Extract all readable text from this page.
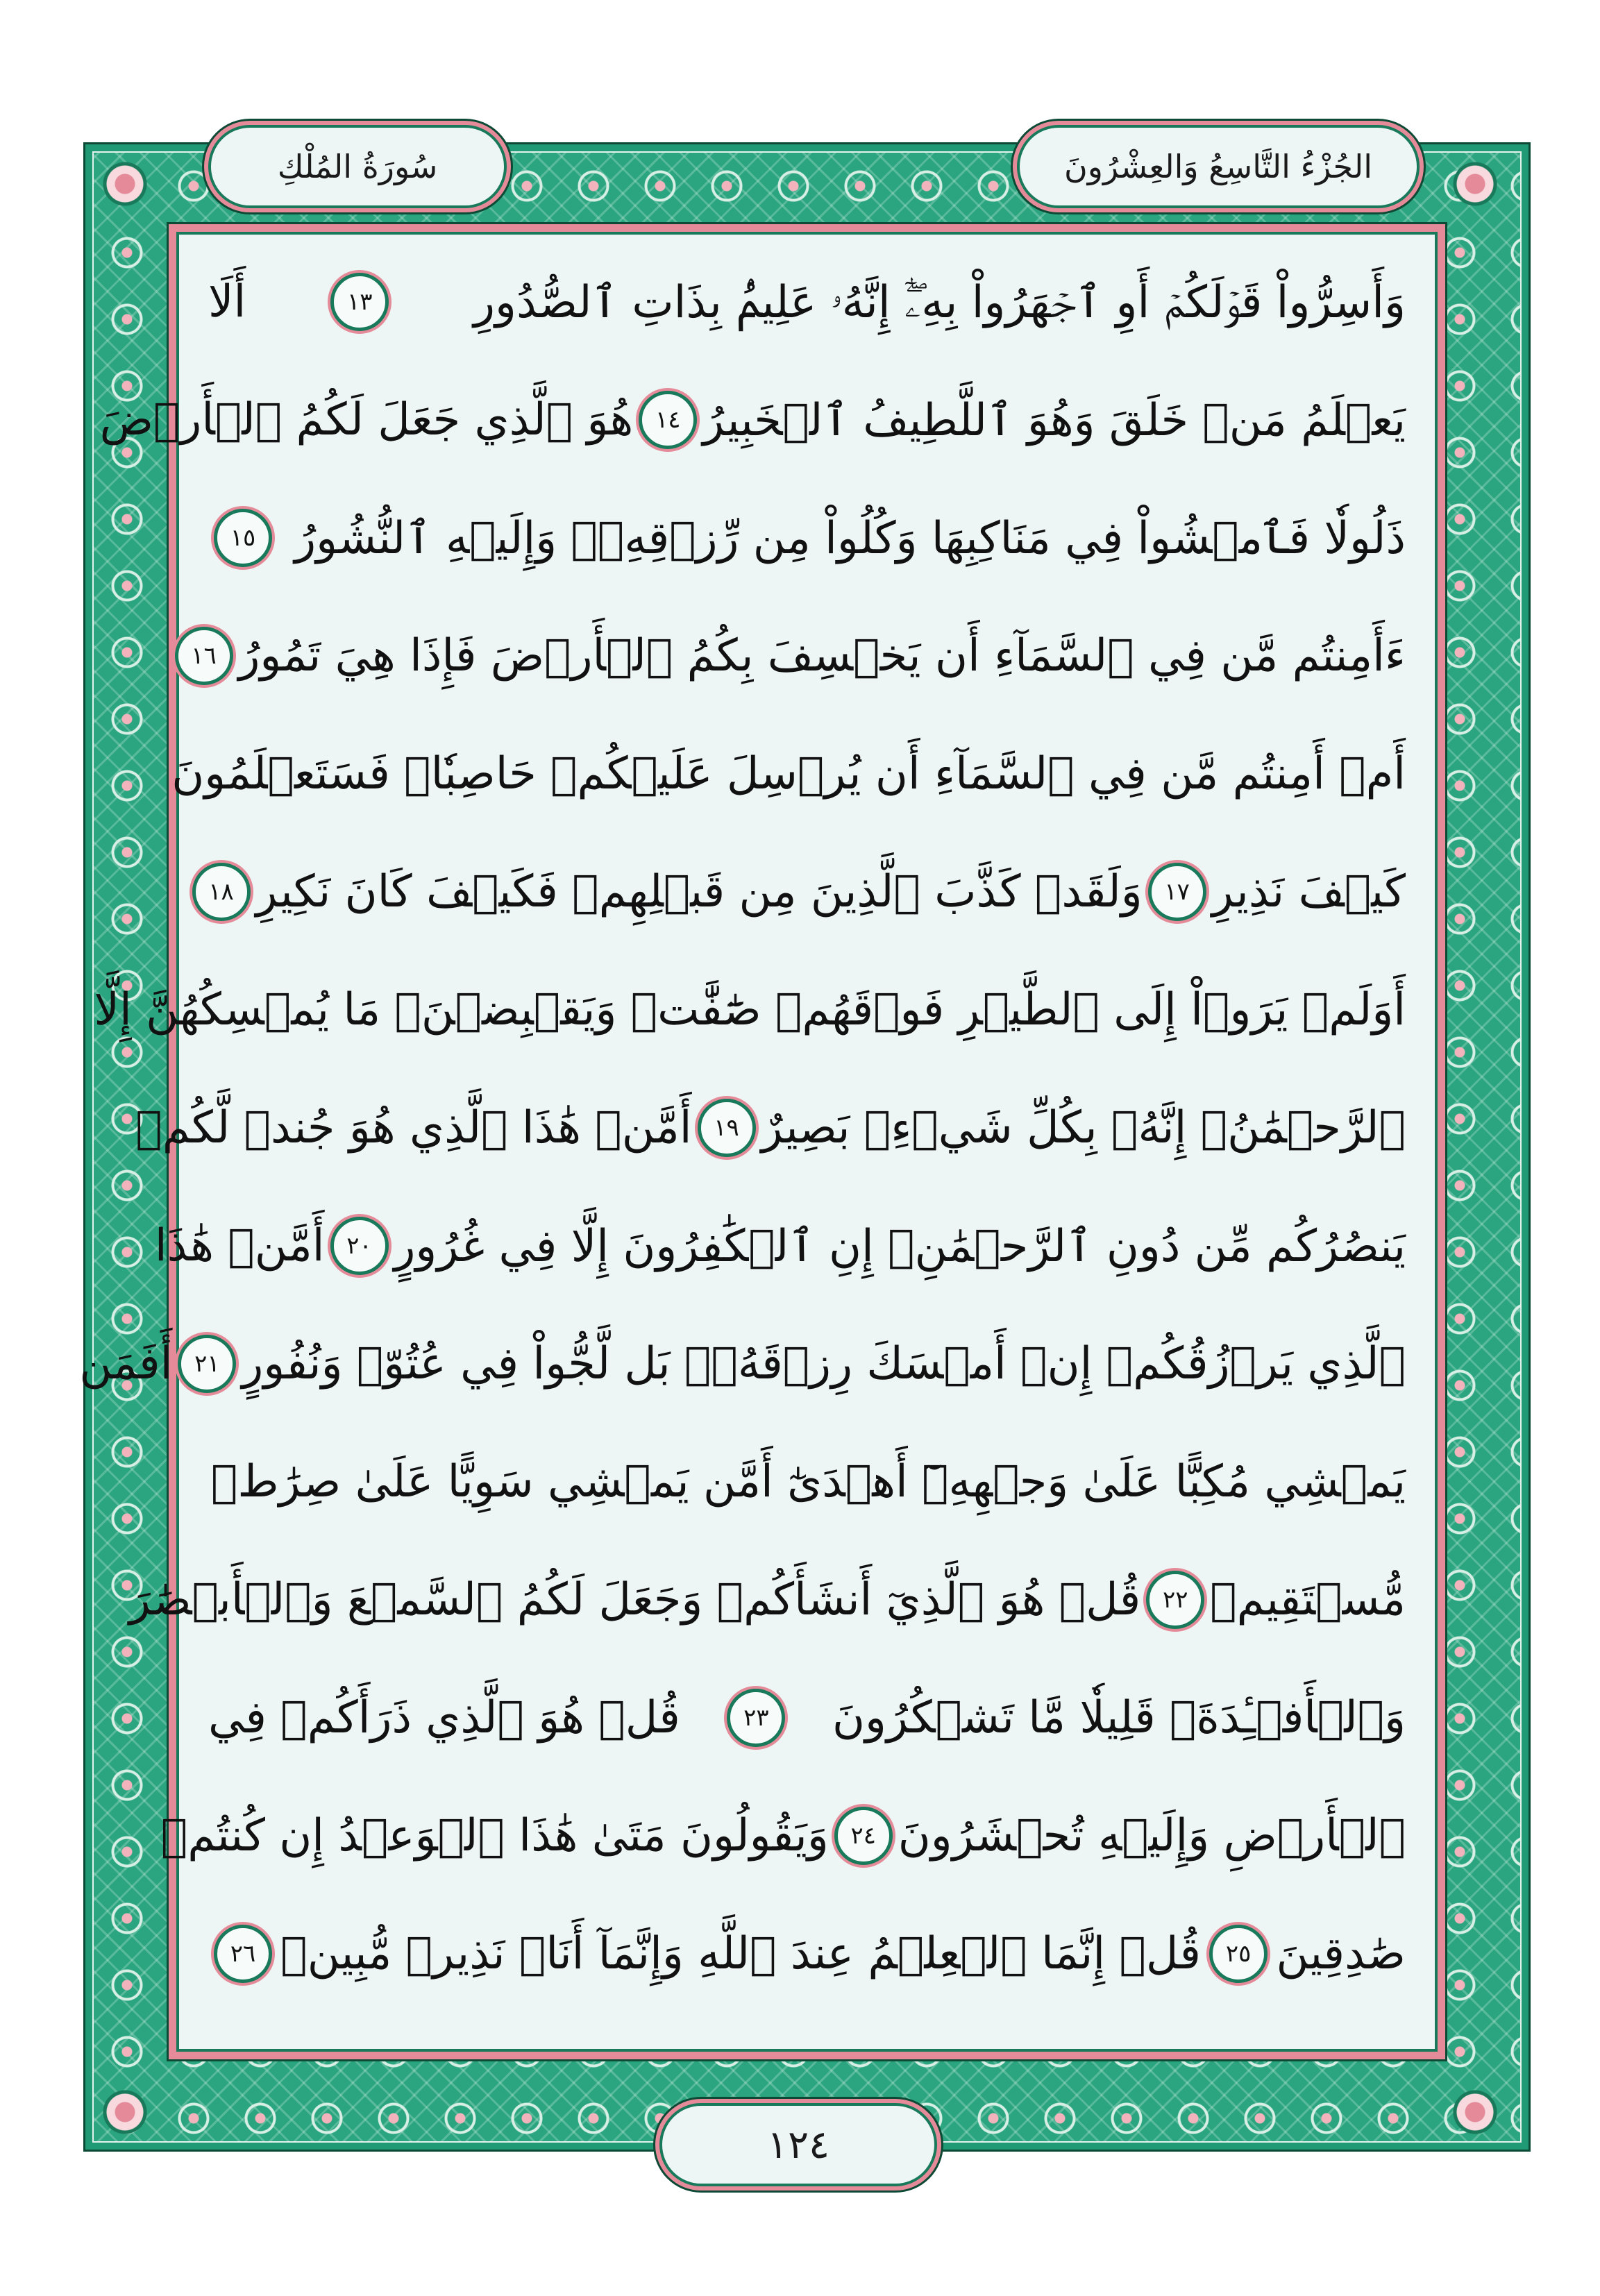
الجُزْءُ التَّاسِعُ وَالعِشْرُونَ
سُورَةُ المُلْكِ
وَأَسِرُّواْ قَوۡلَكُمۡ أَوِ ٱجۡهَرُواْ بِهِۦٓۖ إِنَّهُۥ عَلِيمُۢ بِذَاتِ ٱلصُّدُورِ
١٣
أَلَا
يَعۡلَمُ مَنۡ خَلَقَ وَهُوَ ٱللَّطِيفُ ٱلۡخَبِيرُ
١٤
هُوَ ٱلَّذِي جَعَلَ لَكُمُ ٱلۡأَرۡضَ
ذَلُولٗا فَٱمۡشُواْ فِي مَنَاكِبِهَا وَكُلُواْ مِن رِّزۡقِهِۦۖ وَإِلَيۡهِ ٱلنُّشُورُ
١٥
ءَأَمِنتُم مَّن فِي ٱلسَّمَآءِ أَن يَخۡسِفَ بِكُمُ ٱلۡأَرۡضَ فَإِذَا هِيَ تَمُورُ
١٦
أَمۡ أَمِنتُم مَّن فِي ٱلسَّمَآءِ أَن يُرۡسِلَ عَلَيۡكُمۡ حَاصِبٗاۖ فَسَتَعۡلَمُونَ
كَيۡفَ نَذِيرِ
١٧
وَلَقَدۡ كَذَّبَ ٱلَّذِينَ مِن قَبۡلِهِمۡ فَكَيۡفَ كَانَ نَكِيرِ
١٨
أَوَلَمۡ يَرَوۡاْ إِلَى ٱلطَّيۡرِ فَوۡقَهُمۡ صَٰٓفَّٰتٖ وَيَقۡبِضۡنَۚ مَا يُمۡسِكُهُنَّ إِلَّا
ٱلرَّحۡمَٰنُۚ إِنَّهُۥ بِكُلِّ شَيۡءِۭ بَصِيرٌ
١٩
أَمَّنۡ هَٰذَا ٱلَّذِي هُوَ جُندٞ لَّكُمۡ
يَنصُرُكُم مِّن دُونِ ٱلرَّحۡمَٰنِۚ إِنِ ٱلۡكَٰفِرُونَ إِلَّا فِي غُرُورٍ
٢٠
أَمَّنۡ هَٰذَا
ٱلَّذِي يَرۡزُقُكُمۡ إِنۡ أَمۡسَكَ رِزۡقَهُۥۚ بَل لَّجُّواْ فِي عُتُوّٖ وَنُفُورٍ
٢١
أَفَمَن
يَمۡشِي مُكِبًّا عَلَىٰ وَجۡهِهِۦٓ أَهۡدَىٰٓ أَمَّن يَمۡشِي سَوِيًّا عَلَىٰ صِرَٰطٖ
مُّسۡتَقِيمٖ
٢٢
قُلۡ هُوَ ٱلَّذِيٓ أَنشَأَكُمۡ وَجَعَلَ لَكُمُ ٱلسَّمۡعَ وَٱلۡأَبۡصَٰرَ
وَٱلۡأَفۡـِٔدَةَۚ قَلِيلٗا مَّا تَشۡكُرُونَ
٢٣
قُلۡ هُوَ ٱلَّذِي ذَرَأَكُمۡ فِي
ٱلۡأَرۡضِ وَإِلَيۡهِ تُحۡشَرُونَ
٢٤
وَيَقُولُونَ مَتَىٰ هَٰذَا ٱلۡوَعۡدُ إِن كُنتُمۡ
صَٰدِقِينَ
٢٥
قُلۡ إِنَّمَا ٱلۡعِلۡمُ عِندَ ٱللَّهِ وَإِنَّمَآ أَنَا۠ نَذِيرٞ مُّبِينٞ
٢٦
١٢٤
